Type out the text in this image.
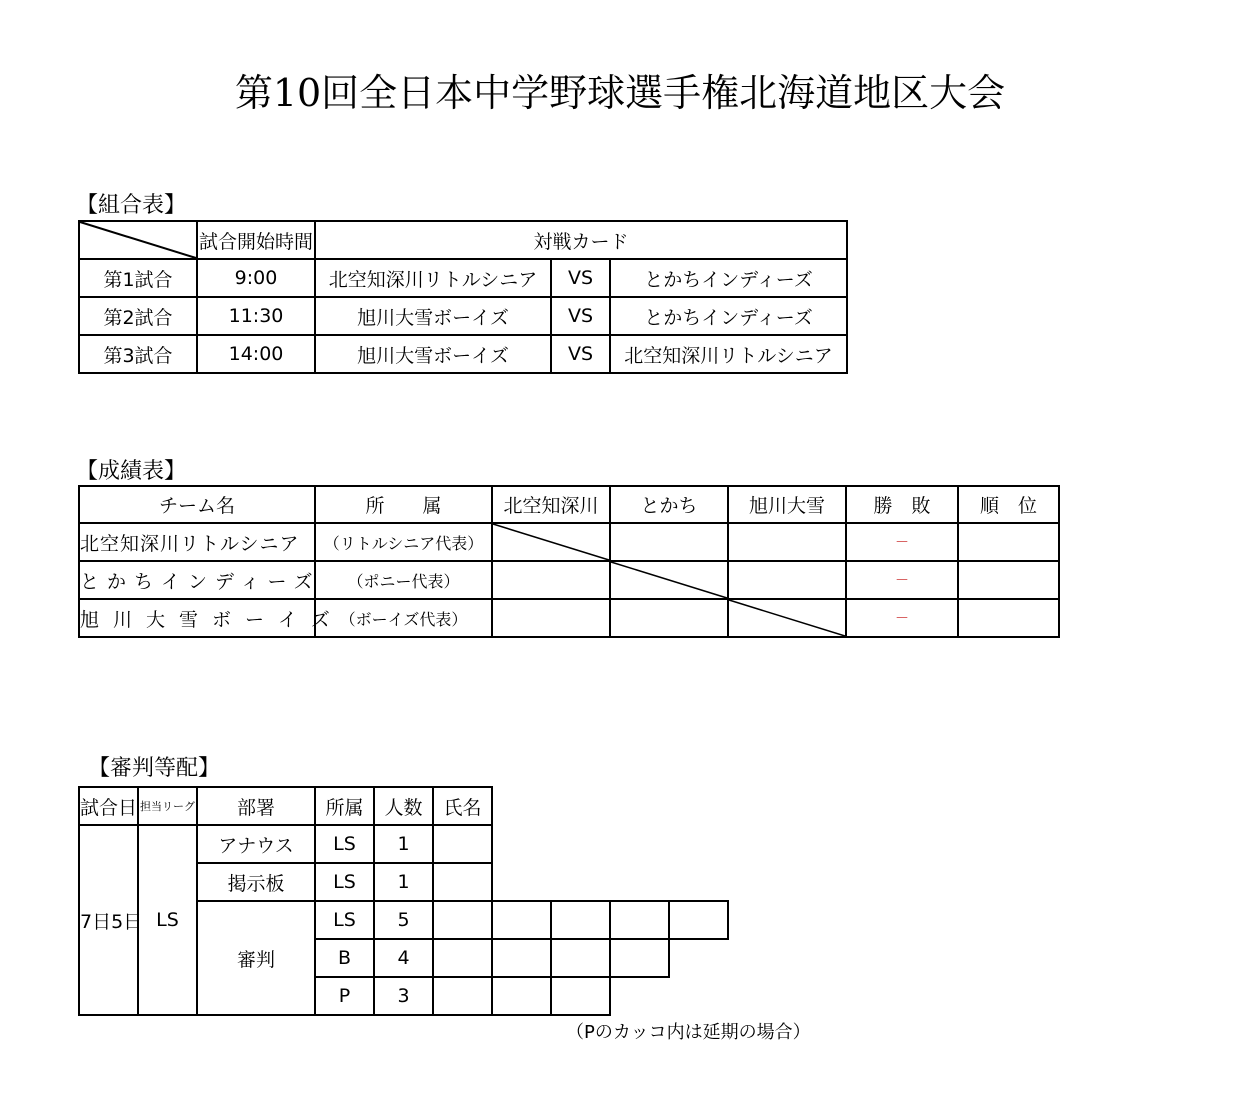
第10回全日本中学野球選手権北海道地区大会
【組合表】
	試合開始時間	対戦カード		
第1試合	9:00	北空知深川リトルシニア	VS	とかちインディーズ
第2試合	11:30	旭川大雪ボーイズ	VS	とかちインディーズ
第3試合	14:00	旭川大雪ボーイズ	VS	北空知深川リトルシニア
【成績表】
チーム名	所　　属	北空知深川	とかち	旭川大雪	勝　敗	順　位
北空知深川リトルシニア	（リトルシニア代表）				－	
とかちインディーズ	（ポニー代表）				－	
旭川大雪ボーイズ	（ボーイズ代表）				－	
【審判等配】
試合日	担当リーグ	部署	所属	人数	氏名				
7日5日	LS	アナウス	LS	1					
		掲示板	LS	1					
		審判	LS	5					
			B	4					
			P	3					
（Pのカッコ内は延期の場合）
